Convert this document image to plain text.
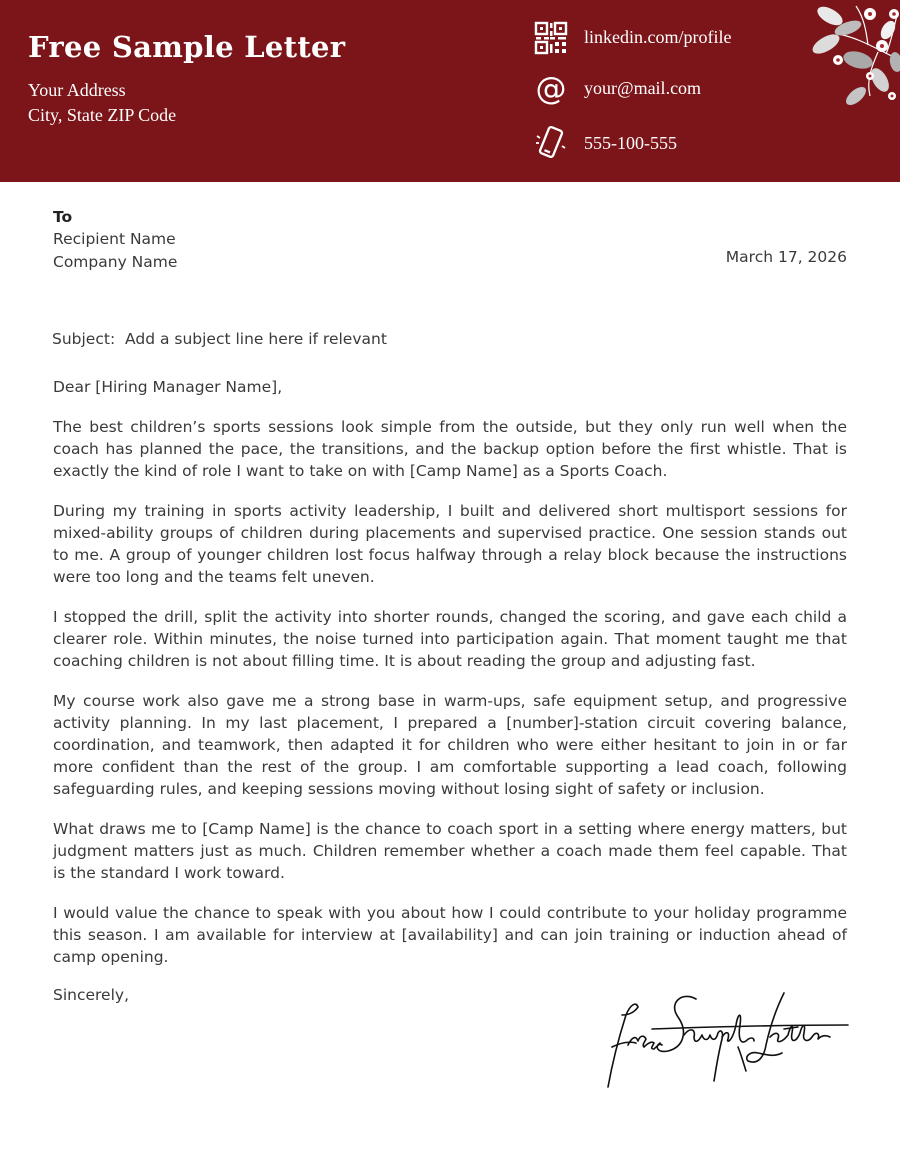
Free Sample Letter
Your Address
City, State ZIP Code
linkedin.com/profile
@ your@mail.com
555-100-555
To
Recipient Name
Company Name	March 17, 2026
Subject:  Add a subject line here if relevant
Dear [Hiring Manager Name],

The best children’s sports sessions look simple from the outside, but they only run well when the coach has planned the pace, the transitions, and the backup option before the first whistle. That is exactly the kind of role I want to take on with [Camp Name] as a Sports Coach.

During my training in sports activity leadership, I built and delivered short multisport sessions for mixed-ability groups of children during placements and supervised practice. One session stands out to me. A group of younger children lost focus halfway through a relay block because the instructions were too long and the teams felt uneven.

I stopped the drill, split the activity into shorter rounds, changed the scoring, and gave each child a clearer role. Within minutes, the noise turned into participation again. That moment taught me that coaching children is not about filling time. It is about reading the group and adjusting fast.

My course work also gave me a strong base in warm-ups, safe equipment setup, and progressive activity planning. In my last placement, I prepared a [number]-station circuit covering balance, coordination, and teamwork, then adapted it for children who were either hesitant to join in or far more confident than the rest of the group. I am comfortable supporting a lead coach, following safeguarding rules, and keeping sessions moving without losing sight of safety or inclusion.

What draws me to [Camp Name] is the chance to coach sport in a setting where energy matters, but judgment matters just as much. Children remember whether a coach made them feel capable. That is the standard I work toward.

I would value the chance to speak with you about how I could contribute to your holiday programme this season. I am available for interview at [availability] and can join training or induction ahead of camp opening.

Sincerely,
